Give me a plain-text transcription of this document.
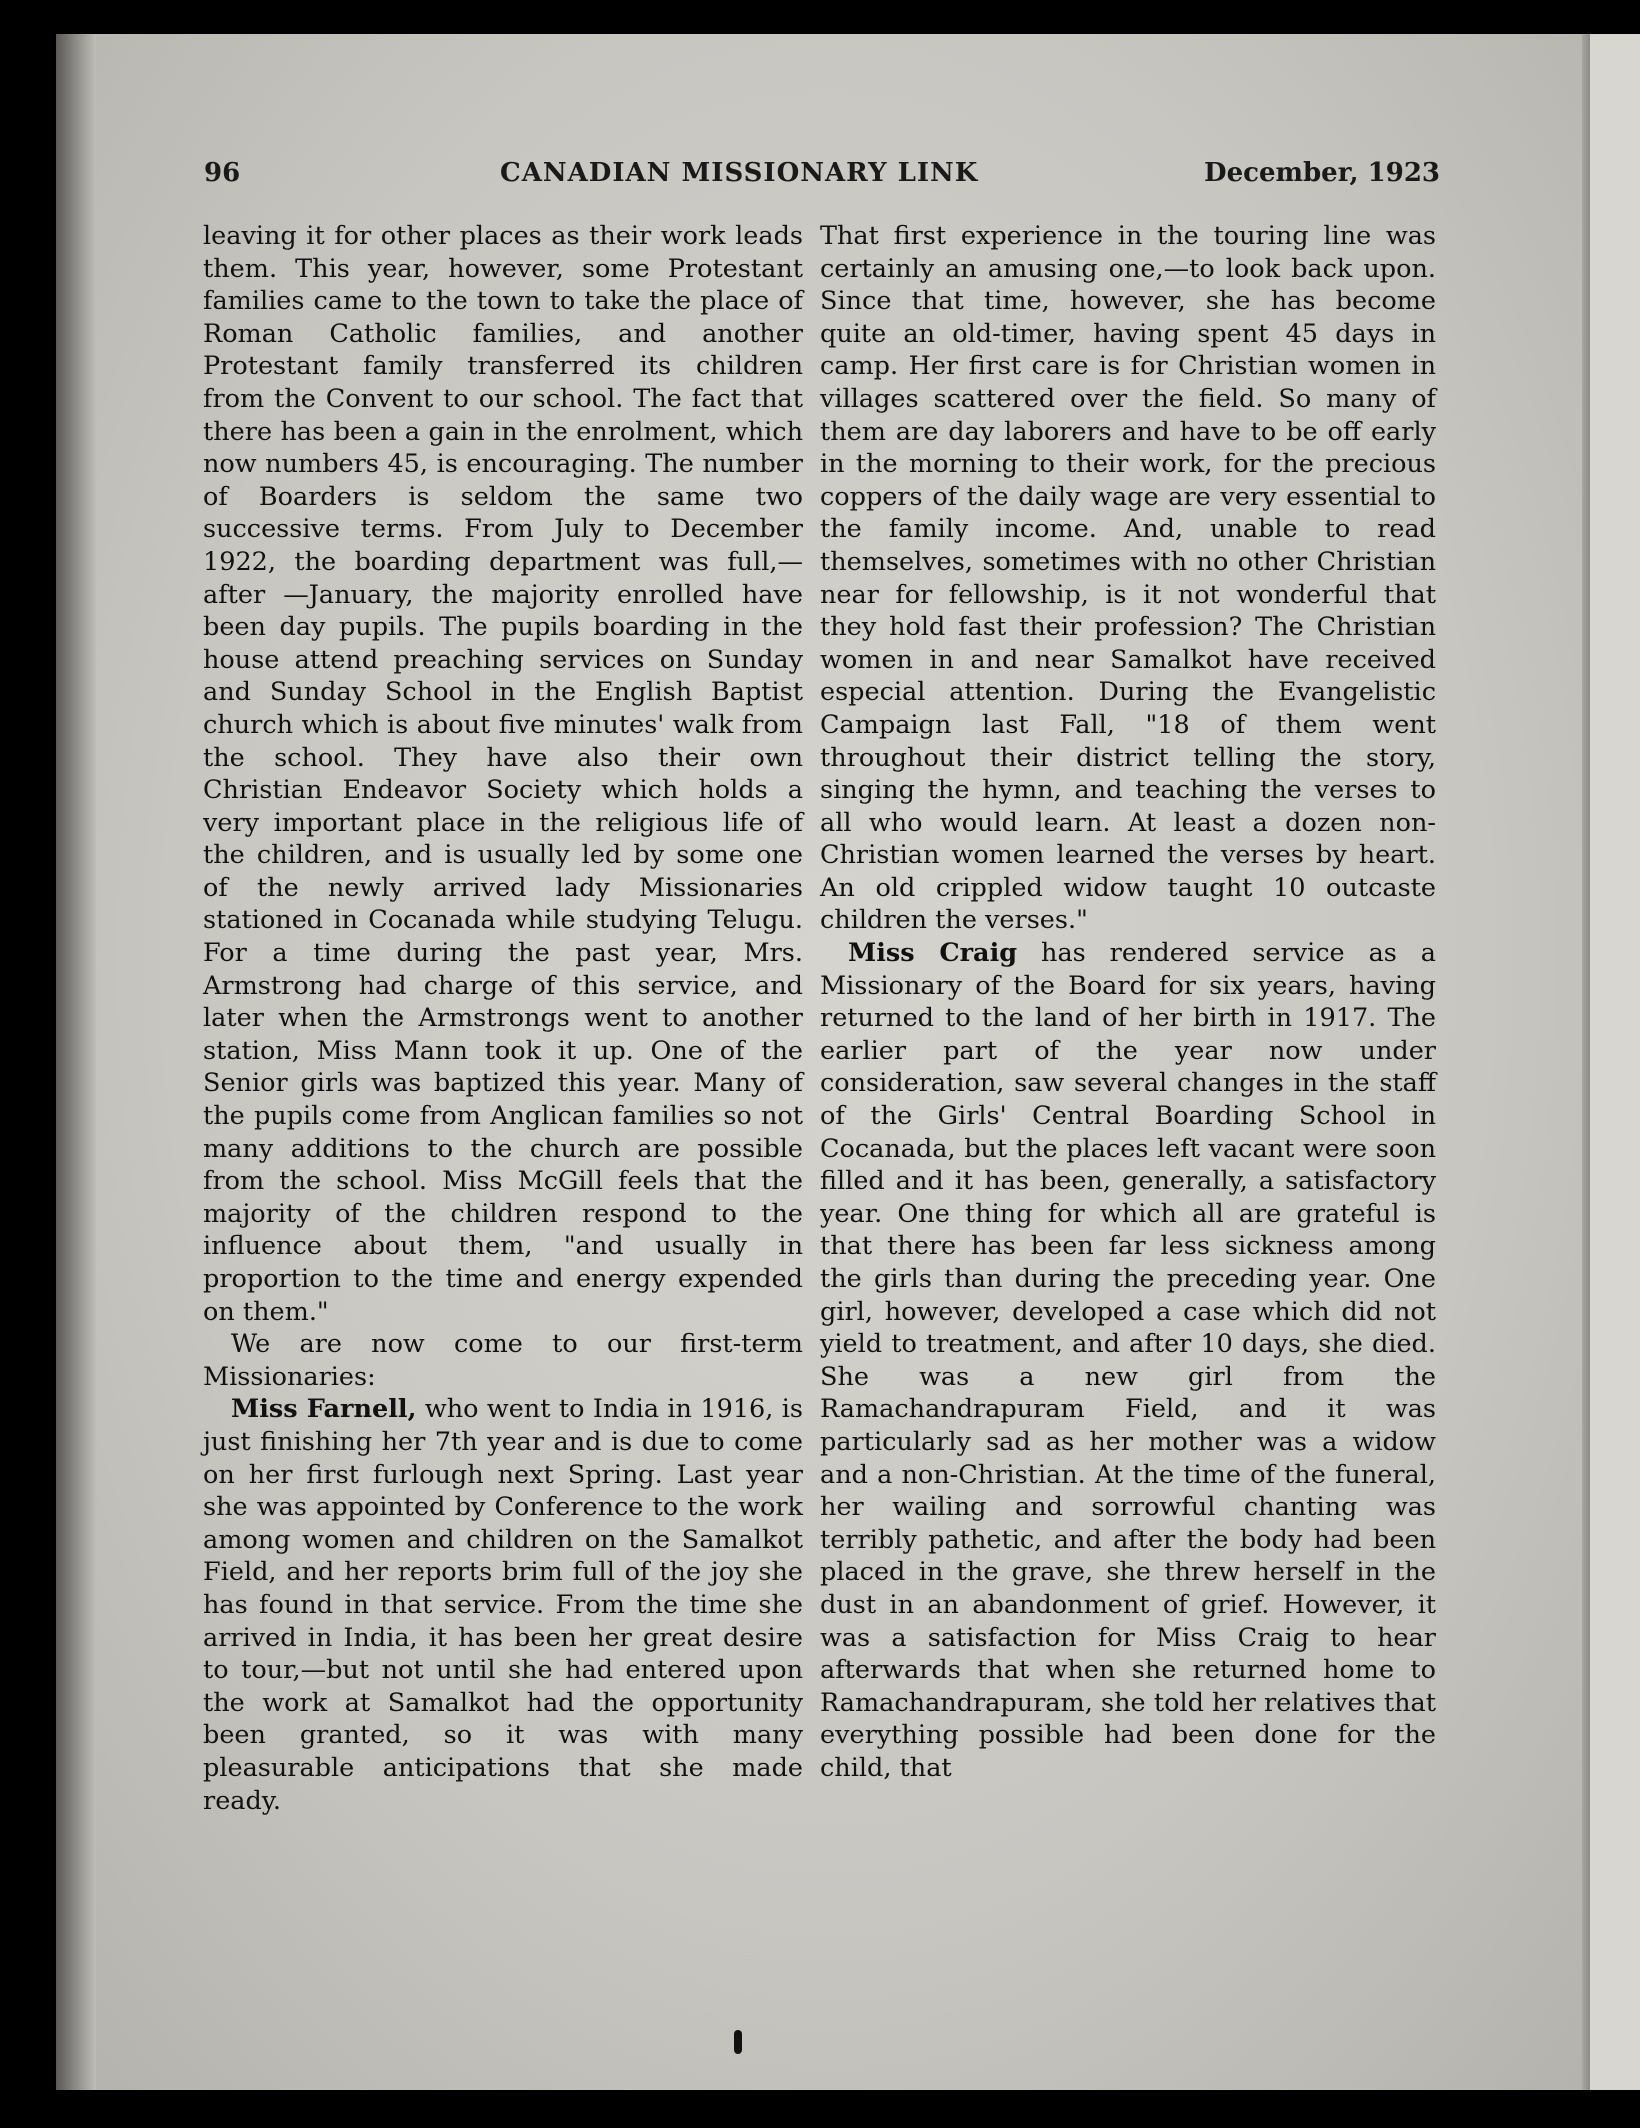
96	CANADIAN MISSIONARY LINK	December, 1923

leaving it for other places as their work leads them. This year, however, some Protestant families came to the town to take the place of Roman Catholic families, and another Protestant family transferred its children from the Convent to our school. The fact that there has been a gain in the enrolment, which now numbers 45, is encouraging. The number of Boarders is seldom the same two successive terms. From July to December 1922, the boarding department was full,—after —January, the majority enrolled have been day pupils. The pupils boarding in the house attend preaching services on Sunday and Sunday School in the English Baptist church which is about five minutes' walk from the school. They have also their own Christian Endeavor Society which holds a very important place in the religious life of the children, and is usually led by some one of the newly arrived lady Missionaries stationed in Cocanada while studying Telugu. For a time during the past year, Mrs. Armstrong had charge of this service, and later when the Armstrongs went to another station, Miss Mann took it up. One of the Senior girls was baptized this year. Many of the pupils come from Anglican families so not many additions to the church are possible from the school. Miss McGill feels that the majority of the children respond to the influence about them, "and usually in proportion to the time and energy expended on them."

We are now come to our first-term Missionaries:

Miss Farnell, who went to India in 1916, is just finishing her 7th year and is due to come on her first furlough next Spring. Last year she was appointed by Conference to the work among women and children on the Samalkot Field, and her reports brim full of the joy she has found in that service. From the time she arrived in India, it has been her great desire to tour,—but not until she had entered upon the work at Samalkot had the opportunity been granted, so it was with many pleasurable anticipations that she made ready.

That first experience in the touring line was certainly an amusing one,—to look back upon. Since that time, however, she has become quite an old-timer, having spent 45 days in camp. Her first care is for Christian women in villages scattered over the field. So many of them are day laborers and have to be off early in the morning to their work, for the precious coppers of the daily wage are very essential to the family income. And, unable to read themselves, sometimes with no other Christian near for fellowship, is it not wonderful that they hold fast their profession? The Christian women in and near Samalkot have received especial attention. During the Evangelistic Campaign last Fall, "18 of them went throughout their district telling the story, singing the hymn, and teaching the verses to all who would learn. At least a dozen non-Christian women learned the verses by heart. An old crippled widow taught 10 outcaste children the verses."

Miss Craig has rendered service as a Missionary of the Board for six years, having returned to the land of her birth in 1917. The earlier part of the year now under consideration, saw several changes in the staff of the Girls' Central Boarding School in Cocanada, but the places left vacant were soon filled and it has been, generally, a satisfactory year. One thing for which all are grateful is that there has been far less sickness among the girls than during the preceding year. One girl, however, developed a case which did not yield to treatment, and after 10 days, she died. She was a new girl from the Ramachandrapuram Field, and it was particularly sad as her mother was a widow and a non-Christian. At the time of the funeral, her wailing and sorrowful chanting was terribly pathetic, and after the body had been placed in the grave, she threw herself in the dust in an abandonment of grief. However, it was a satisfaction for Miss Craig to hear afterwards that when she returned home to Ramachandrapuram, she told her relatives that everything possible had been done for the child, that
